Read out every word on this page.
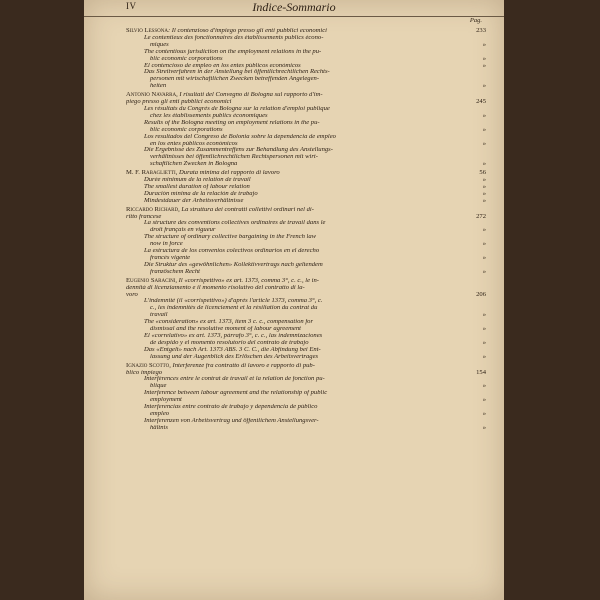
IV	Indice-Sommario
Pag.
Silvio Lessona: Il contenzioso d'impiego presso gli enti pubblici economici	233
Le contentieux des fonctionnaires des établissements publics écono-
miques	»
The contentious jurisdiction on the employment relations in the pu-
blic economic corporations	»
El contencioso de empleo en los entes públicos económicos	»
Das Streitverfahren in der Anstellung bei öffentlichrechtlichen Rechts-
personen mit wirtschaftlichen Zwecken betreffenden Angelegen-
heiten	»
Antonio Navarra, I risultati del Convegno di Bologna sul rapporto d'im-
piego presso gli enti pubblici economici	245
Les résultats du Congrès de Bologna sur la relation d'emploi publique
chez les établissements publics économiques	»
Results of the Bologna meeting on employment relations in the pu-
blic economic corporations	»
Los resultados del Congreso de Bolonia sobre la dependencia de empleo
en los entes públicos económicos	»
Die Ergebnisse des Zusammentreffens zur Behandlung des Anstellungs-
verhältnisses bei öffentlichrechtlichen Rechtspersonen mit wirt-
schaftlichen Zwecken in Bologna	»
M. F. Rabaglietti, Durata minima del rapporto di lavoro	56
Durée minimum de la relation de travail	»
The smallest duration of labour relation	»
Duración mínima de la relación de trabajo	»
Mindestdauer der Arbeitsverhältnisse	»
Riccardo Richard, La struttura dei contratti collettivi ordinari nel di-
ritto francese	272
La structure des conventions collectives ordinaires de travail dans le
droit français en vigueur	»
The structure of ordinary collective bargaining in the French law
now in force	»
La estructura de los convenios colectivos ordinarios en el derecho
francés vigente	»
Die Struktur des «gewöhnlichen» Kollektivvertrags nach geltendem
französchem Recht	»
Eugenio Saracini, Il «corrispettivo» ex art. 1373, comma 3°, c. c., le in-
dennità di licenziamento e il momento risolutivo del contratto di la-
voro	206
L'indemnité (il «corrispettivo») d'après l'article 1373, comma 3°, c.
c., les indemnités de licenciement et la résiliation du contrat du
travail	»
The «consideration» ex art. 1373, item 3 c. c., compensation for
dismissal and the resolutive moment of labour agreement	»
El «correlativo» ex art. 1373, párrafo 3°, c. c., las indemnizaciones
de despido y el momento resolutorio del contrato de trabajo	»
Das «Entgelt» nach Art. 1373 ABS. 3 C. C., die Abfindung bei Ent-
lassung und der Augenblick des Erlöschen des Arbeitsvertrages	»
Ignazio Scotto, Interferenze fra contratto di lavoro e rapporto di pub-
blico impiego	154
Interférences entre le contrat de travail et la relation de fonction pu-
blique	»
Interference between labour agreement and the relationship of public
employment	»
Interferencias entre contrato de trabajo y dependencia de público
empleo	»
Interferenzen von Arbeitsvertrag und öffentlichem Anstellungsver-
hältnis	»
